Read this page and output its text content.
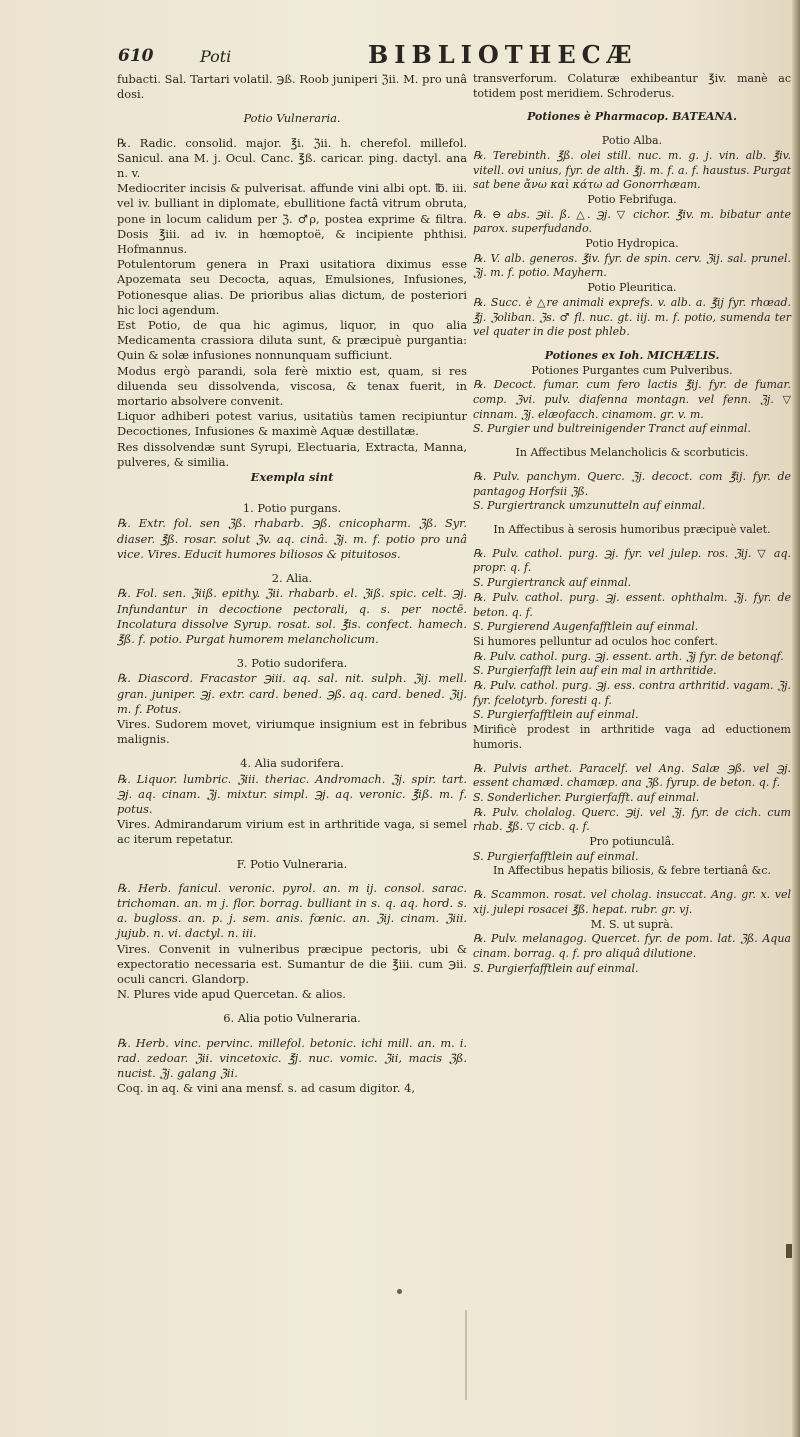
610	Poti	BIBLIOTHECÆ

fubacti. Sal. Tartari volatil. ℈ß. Roob juniperi ℨii. M. pro unâ dosi.

Potio Vulneraria.

℞. Radic. consolid. major. ℥i. ℨii. h. cherefol. millefol. Sanicul. ana M. j. Ocul. Canc. ℥ß. caricar. ping. dactyl. ana n. v.

Mediocriter incisis & pulverisat. affunde vini albi opt. ℔. iii. vel iv. bulliant in diplomate, ebullitione factâ vitrum obruta, pone in locum calidum per ℨ. ♂ρ, postea exprime & filtra. Dosis ℥iii. ad iv. in hœmoptoë, & incipiente phthisi. Hofmannus.

Potulentorum genera in Praxi usitatiora diximus esse Apozemata seu Decocta, aquas, Emulsiones, Infusiones, Potionesque alias. De prioribus alias dictum, de posteriori hic loci agendum.

Est Potio, de qua hic agimus, liquor, in quo alia Medicamenta crassiora diluta sunt, & præcipuè purgantia: Quin & solæ infusiones nonnunquam sufficiunt.

Modus ergò parandi, sola ferè mixtio est, quam, si res diluenda seu dissolvenda, viscosa, & tenax fuerit, in mortario absolvere convenit.

Liquor adhiberi potest varius, usitatiùs tamen recipiuntur Decoctiones, Infusiones & maximè Aquæ destillatæ.

Res dissolvendæ sunt Syrupi, Electuaria, Extracta, Manna, pulveres, & similia.

Exempla sint

1. Potio purgans.

℞. Extr. fol. sen ℨß. rhabarb. ℈ß. cnicopharm. ℨß. Syr. diaser. ℥ß. rosar. solut ℨv. aq. cinâ. ℨj. m. f. potio pro unâ vice. Vires. Educit humores biliosos & pituitosos.

2. Alia.

℞. Fol. sen. ℨiiß. epithy. ℨii. rhabarb. el. ℨiß. spic. celt. ℈j. Infundantur in decoctione pectorali, q. s. per noctē. Incolatura dissolve Syrup. rosat. sol. ℥is. confect. hamech. ℥ß. f. potio. Purgat humorem melancholicum.

3. Potio sudorifera.

℞. Diascord. Fracastor ℈iii. aq. sal. nit. sulph. ℨij. mell. gran. juniper. ℈j. extr. card. bened. ℈ß. aq. card. bened. ℨij. m. f. Potus.

Vires. Sudorem movet, viriumque insignium est in febribus malignis.

4. Alia sudorifera.

℞. Liquor. lumbric. ℨiii. theriac. Andromach. ℨj. spir. tart. ℈j. aq. cinam. ℨj. mixtur. simpl. ℈j. aq. veronic. ℥iß. m. f. potus.

Vires. Admirandarum virium est in arthritide vaga, si semel ac iterum repetatur.

F. Potio Vulneraria.

℞. Herb. fanicul. veronic. pyrol. an. m ij. consol. sarac. trichoman. an. m j. flor. borrag. bulliant in s. q. aq. hord. s. a. bugloss. an. p. j. sem. anis. fœnic. an. ℨij. cinam. ℨiii. jujub. n. vi. dactyl. n. iii.

Vires. Convenit in vulneribus præcipue pectoris, ubi & expectoratio necessaria est. Sumantur de die ℥iii. cum ℈ii. oculi cancri. Glandorp.

N. Plures vide apud Quercetan. & alios.

6. Alia potio Vulneraria.

℞. Herb. vinc. pervinc. millefol. betonic. ichi mill. an. m. i. rad. zedoar. ℨii. vincetoxic. ℥j. nuc. vomic. ℨii, macis ℨß. nucist. ℨj. galang ℨii.

Coq. in aq. & vini ana mensf. s. ad casum digitor. 4,

transverforum. Colaturæ exhibeantur ℥iv. manè ac totidem post meridiem. Schroderus.

Potiones è Pharmacop. BATEANA.

Potio Alba.

℞. Terebinth. ℥ß. olei still. nuc. m. g. j. vin. alb. ℥iv. vitell. ovi unius, fyr. de alth. ℥j. m. f. a. f. haustus. Purgat sat bene ἄνω καὶ κάτω ad Gonorrhæam.

Potio Febrifuga.

℞. ⊖ abs. ℈ii. ß. △. ℈j. ▽ cichor. ℥iv. m. bibatur ante parox. superfudando.

Potio Hydropica.

℞. V. alb. generos. ℥iv. fyr. de spin. cerv. ℨij. sal. prunel. ℨj. m. f. potio. Mayhern.

Potio Pleuritica.

℞. Succ. è △re animali exprefs. v. alb. a. ℥ij fyr. rhœad. ℥j. ℨoliban. ℨs. ♂ fl. nuc. gt. iij. m. f. potio, sumenda ter vel quater in die post phleb.

Potiones ex Ioh. MICHÆLIS.

Potiones Purgantes cum Pulveribus.

℞. Decoct. fumar. cum fero lactis ℥ij. fyr. de fumar. comp. ℨvi. pulv. diafenna montagn. vel fenn. ℨj. ▽ cinnam. ℨj. elæofacch. cinamom. gr. v. m.

S. Purgier und bultreinigender Tranct auf einmal.

In Affectibus Melancholicis & scorbuticis.

℞. Pulv. panchym. Querc. ℨj. decoct. com ℥ij. fyr. de pantagog Horfsii ℨß.

S. Purgiertranck umzunutteln auf einmal.

In Affectibus à serosis humoribus præcipuè valet.

℞. Pulv. cathol. purg. ℈j. fyr. vel julep. ros. ℨij. ▽ aq. propr. q. f.

S. Purgiertranck auf einmal.

℞. Pulv. cathol. purg. ℈j. essent. ophthalm. ℨj. fyr. de beton. q. f.

S. Purgierend Augenfafftlein auf einmal.

Si humores pelluntur ad oculos hoc confert.

℞. Pulv. cathol. purg. ℈j. essent. arth. ℨj fyr. de betonqf.

S. Purgierfafft lein auf ein mal in arthritide.

℞. Pulv. cathol. purg. ℈j. ess. contra arthritid. vagam. ℨj. fyr. fcelotyrb. foresti q. f.

S. Purgierfafftlein auf einmal.

Mirificè prodest in arthritide vaga ad eductionem humoris.

℞. Pulvis arthet. Paracelf. vel Ang. Salæ ℈ß. vel ℈j. essent chamæd. chamæp. ana ℨß. fyrup. de beton. q. f.

S. Sonderlicher. Purgierfafft. auf einmal.

℞. Pulv. cholalog. Querc. ℈ij. vel ℨj. fyr. de cich. cum rhab. ℥ß. ▽ cicb. q. f.

Pro potiunculâ.

S. Purgierfafftlein auf einmal.

In Affectibus hepatis biliosis, & febre tertianâ &c.

℞. Scammon. rosat. vel cholag. insuccat. Ang. gr. x. vel xij. julepi rosacei ℥ß. hepat. rubr. gr. vj.

M. S. ut suprà.

℞. Pulv. melanagog. Quercet. fyr. de pom. lat. ℨß. Aqua cinam. borrag. q. f. pro aliquâ dilutione.

S. Purgierfafftlein auf einmal.
